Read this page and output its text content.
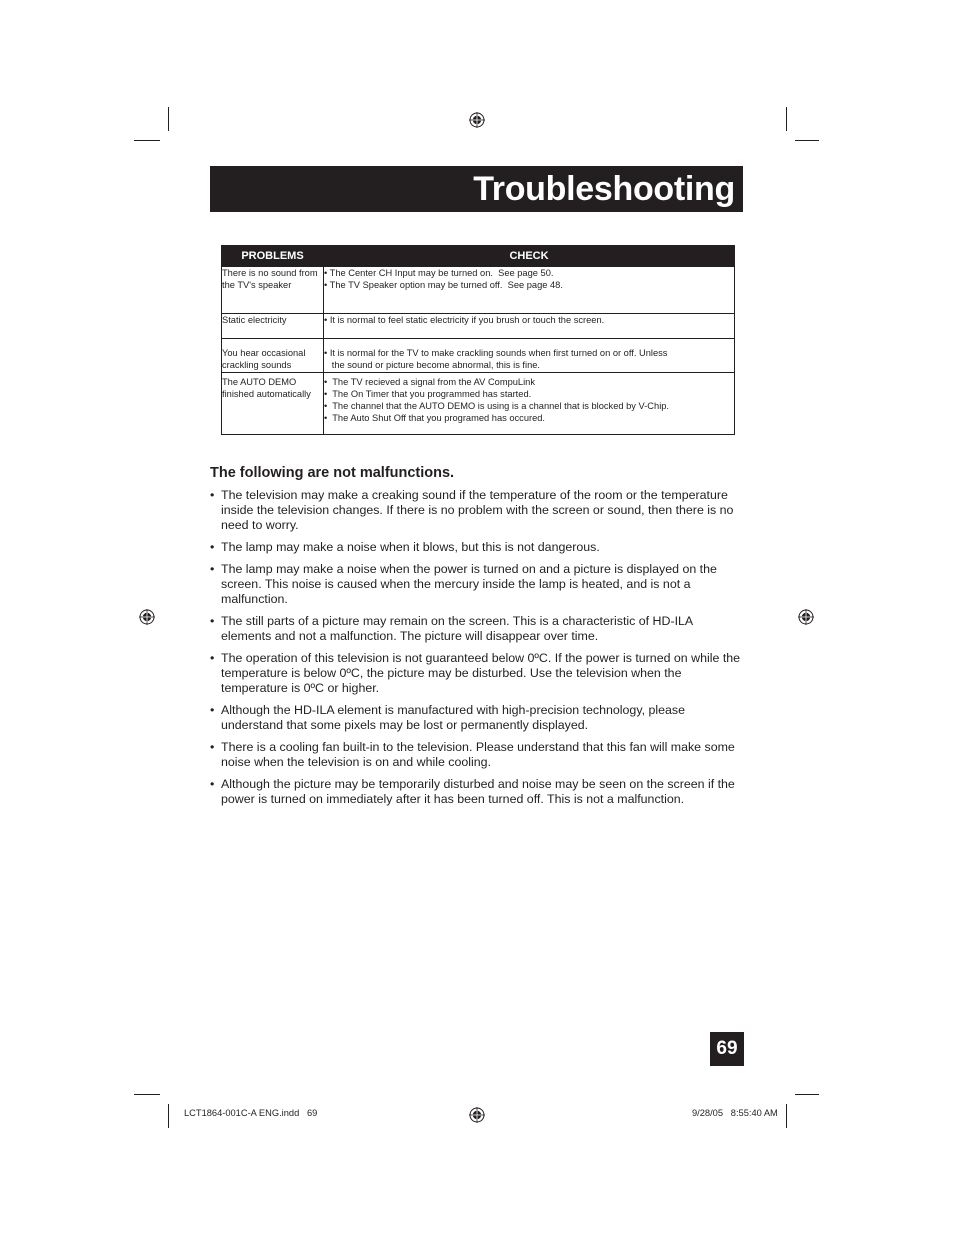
Troubleshooting
PROBLEMS	CHECK
There is no sound from the TV's speaker	• The Center CH Input may be turned on.  See page 50.
• The TV Speaker option may be turned off.  See page 48.

Static electricity	• It is normal to feel static electricity if you brush or touch the screen.

You hear occasional crackling sounds	• It is normal for the TV to make crackling sounds when first turned on or off. Unless
the sound or picture become abnormal, this is fine.

The AUTO DEMO finished automatically	•  The TV recieved a signal from the AV CompuLink
•  The On Timer that you programmed has started.
•  The channel that the AUTO DEMO is using is a channel that is blocked by V-Chip.
•  The Auto Shut Off that you programed has occured.
The following are not malfunctions.
• The television may make a creaking sound if the temperature of the room or the temperature inside the television changes. If there is no problem with the screen or sound, then there is no need to worry.
• The lamp may make a noise when it blows, but this is not dangerous.
• The lamp may make a noise when the power is turned on and a picture is displayed on the screen. This noise is caused when the mercury inside the lamp is heated, and is not a malfunction.
• The still parts of a picture may remain on the screen. This is a characteristic of HD-ILA elements and not a malfunction. The picture will disappear over time.
• The operation of this television is not guaranteed below 0ºC. If the power is turned on while the temperature is below 0ºC, the picture may be disturbed. Use the television when the temperature is 0ºC or higher.
• Although the HD-ILA element is manufactured with high-precision technology, please understand that some pixels may be lost or permanently displayed.
• There is a cooling fan built-in to the television. Please understand that this fan will make some noise when the television is on and while cooling.
• Although the picture may be temporarily disturbed and noise may be seen on the screen if the power is turned on immediately after it has been turned off. This is not a malfunction.
69
LCT1864-001C-A ENG.indd   69	9/28/05   8:55:40 AM
